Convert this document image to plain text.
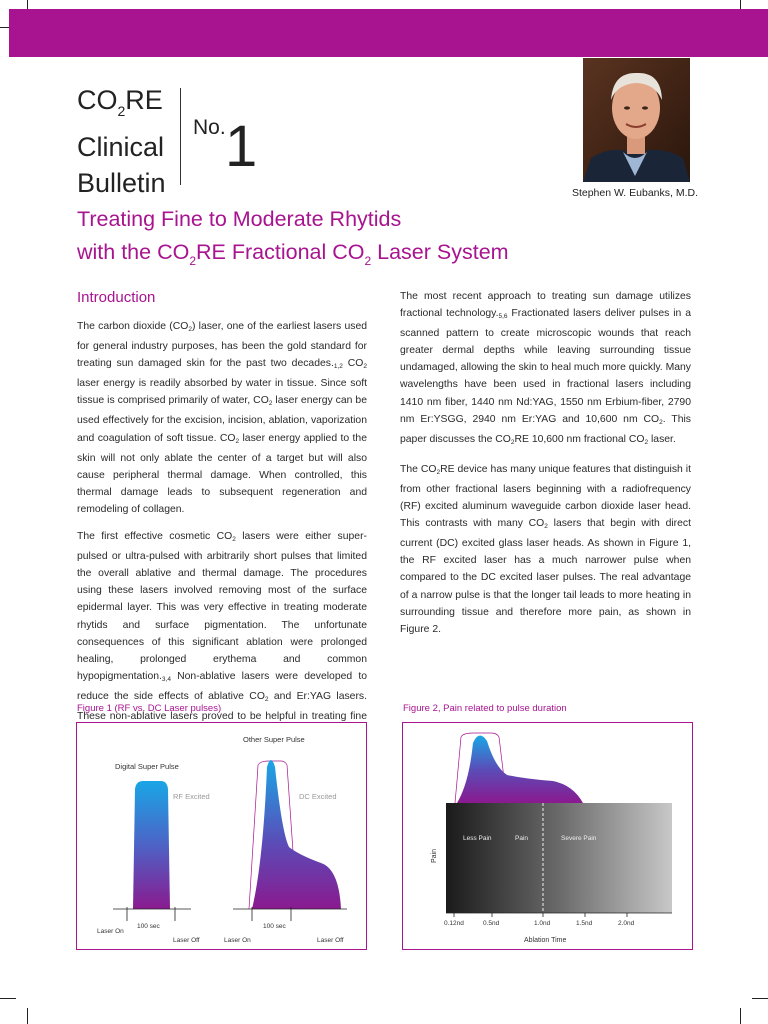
$CO_2RE$
Clinical
Bulletin
No. 1
Stephen W. Eubanks, M.D.
Treating Fine to Moderate Rhytids
with the $CO_2RE$ Fractional $CO_2$ Laser System
Introduction

The carbon dioxide $(CO_2)$ laser, one of the earliest lasers used for general industry purposes, has been the gold standard for treating sun damaged skin for the past two $decades._{1,2}$ $CO_2$ laser energy is readily absorbed by water in tissue. Since soft tissue is comprised primarily of water, $CO_2$ laser energy can be used effectively for the excision, incision, ablation, vaporization and coagulation of soft tissue. $CO_2$ laser energy applied to the skin will not only ablate the center of a target but will also cause peripheral thermal damage. When controlled, this thermal damage leads to subsequent regeneration and remodeling of collagen.

The first effective cosmetic $CO_2$ lasers were either super-pulsed or ultra-pulsed with arbitrarily short pulses that limited the overall ablative and thermal damage. The procedures using these lasers involved removing most of the surface epidermal layer. This was very effective in treating moderate rhytids and surface pigmentation. The unfortunate consequences of this significant ablation were prolonged healing, prolonged erythema and common $hypopigmentation._{3,4}$ Non-ablative lasers were developed to reduce the side effects of ablative $CO_2$ and Er:YAG lasers. These non-ablative lasers proved to be helpful in treating fine

The most recent approach to treating sun damage utilizes fractional $technology._{5,6}$ Fractionated lasers deliver pulses in a scanned pattern to create microscopic wounds that reach greater dermal depths while leaving surrounding tissue undamaged, allowing the skin to heal much more quickly. Many wavelengths have been used in fractional lasers including 1410 nm fiber, 1440 nm Nd:YAG, 1550 nm Erbium-fiber, 2790 nm Er:YSGG, 2940 nm Er:YAG and 10,600 nm $CO_2$. This paper discusses the $CO_2RE$ 10,600 nm fractional $CO_2$ laser.

The $CO_2RE$ device has many unique features that distinguish it from other fractional lasers beginning with a radiofrequency (RF) excited aluminum waveguide carbon dioxide laser head. This contrasts with many $CO_2$ lasers that begin with direct current (DC) excited glass laser heads. As shown in Figure 1, the RF excited laser has a much narrower pulse when compared to the DC excited laser pulses. The real advantage of a narrow pulse is that the longer tail leads to more heating in surrounding tissue and therefore more pain, as shown in Figure 2.

Figure 1 (RF vs. DC Laser pulses)
Digital Super Pulse
Other Super Pulse
RF Excited	DC Excited
100 sec
Laser On
Laser Off
100 sec
Laser On	Laser Off
Figure 2, Pain related to pulse duration
Less Pain	Pain	Severe Pain
Pain
0.12nd	0.5nd	1.0nd	1.5nd	2.0nd
Ablation Time
